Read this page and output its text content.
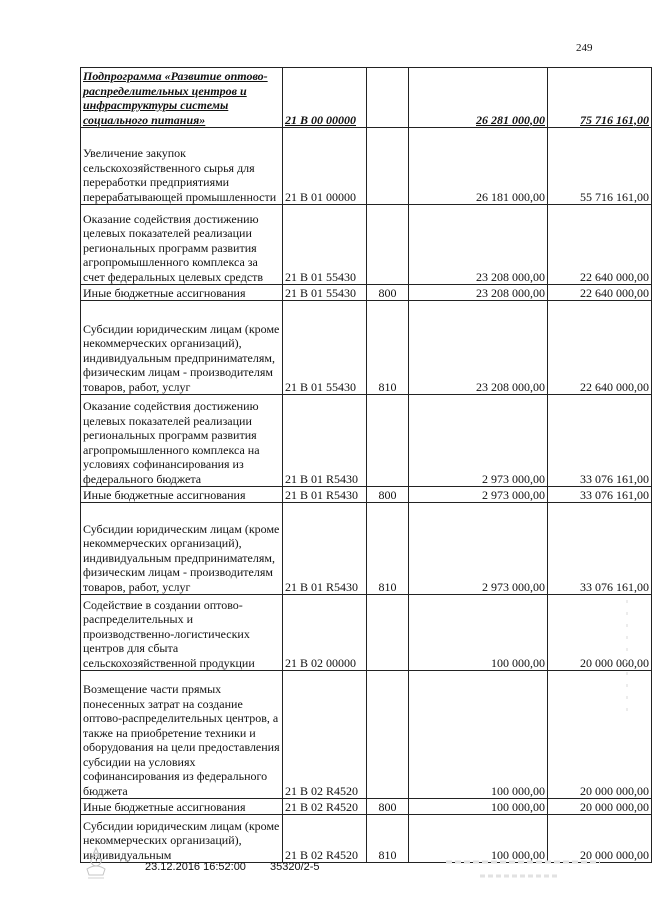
249
Подпрограмма «Развитие оптово-распределительных центров и инфраструктуры системы социального питания»	21 В 00 00000		26 281 000,00	75 716 161,00
Увеличение закупок сельскохозяйственного сырья для переработки предприятиями перерабатывающей промышленности	21 В 01 00000		26 181 000,00	55 716 161,00
Оказание содействия достижению целевых показателей реализации региональных программ развития агропромышленного комплекса за счет федеральных целевых средств	21 В 01 55430		23 208 000,00	22 640 000,00
Иные бюджетные ассигнования	21 В 01 55430	800	23 208 000,00	22 640 000,00
Субсидии юридическим лицам (кроме некоммерческих организаций), индивидуальным предпринимателям, физическим лицам - производителям товаров, работ, услуг	21 В 01 55430	810	23 208 000,00	22 640 000,00
Оказание содействия достижению целевых показателей реализации региональных программ развития агропромышленного комплекса на условиях софинансирования из федерального бюджета	21 В 01 R5430		2 973 000,00	33 076 161,00
Иные бюджетные ассигнования	21 В 01 R5430	800	2 973 000,00	33 076 161,00
Субсидии юридическим лицам (кроме некоммерческих организаций), индивидуальным предпринимателям, физическим лицам - производителям товаров, работ, услуг	21 В 01 R5430	810	2 973 000,00	33 076 161,00
Содействие в создании оптово-распределительных и производственно-логистических центров для сбыта сельскохозяйственной продукции	21 В 02 00000		100 000,00	20 000 000,00
Возмещение части прямых понесенных затрат на создание оптово-распределительных центров, а также на приобретение техники и оборудования на цели предоставления субсидии на условиях софинансирования из федерального бюджета	21 В 02 R4520		100 000,00	20 000 000,00
Иные бюджетные ассигнования	21 В 02 R4520	800	100 000,00	20 000 000,00
Субсидии юридическим лицам (кроме некоммерческих организаций), индивидуальным	21 В 02 R4520	810	100 000,00	20 000 000,00
23.12.2016 16:52:00 35320/2-5
